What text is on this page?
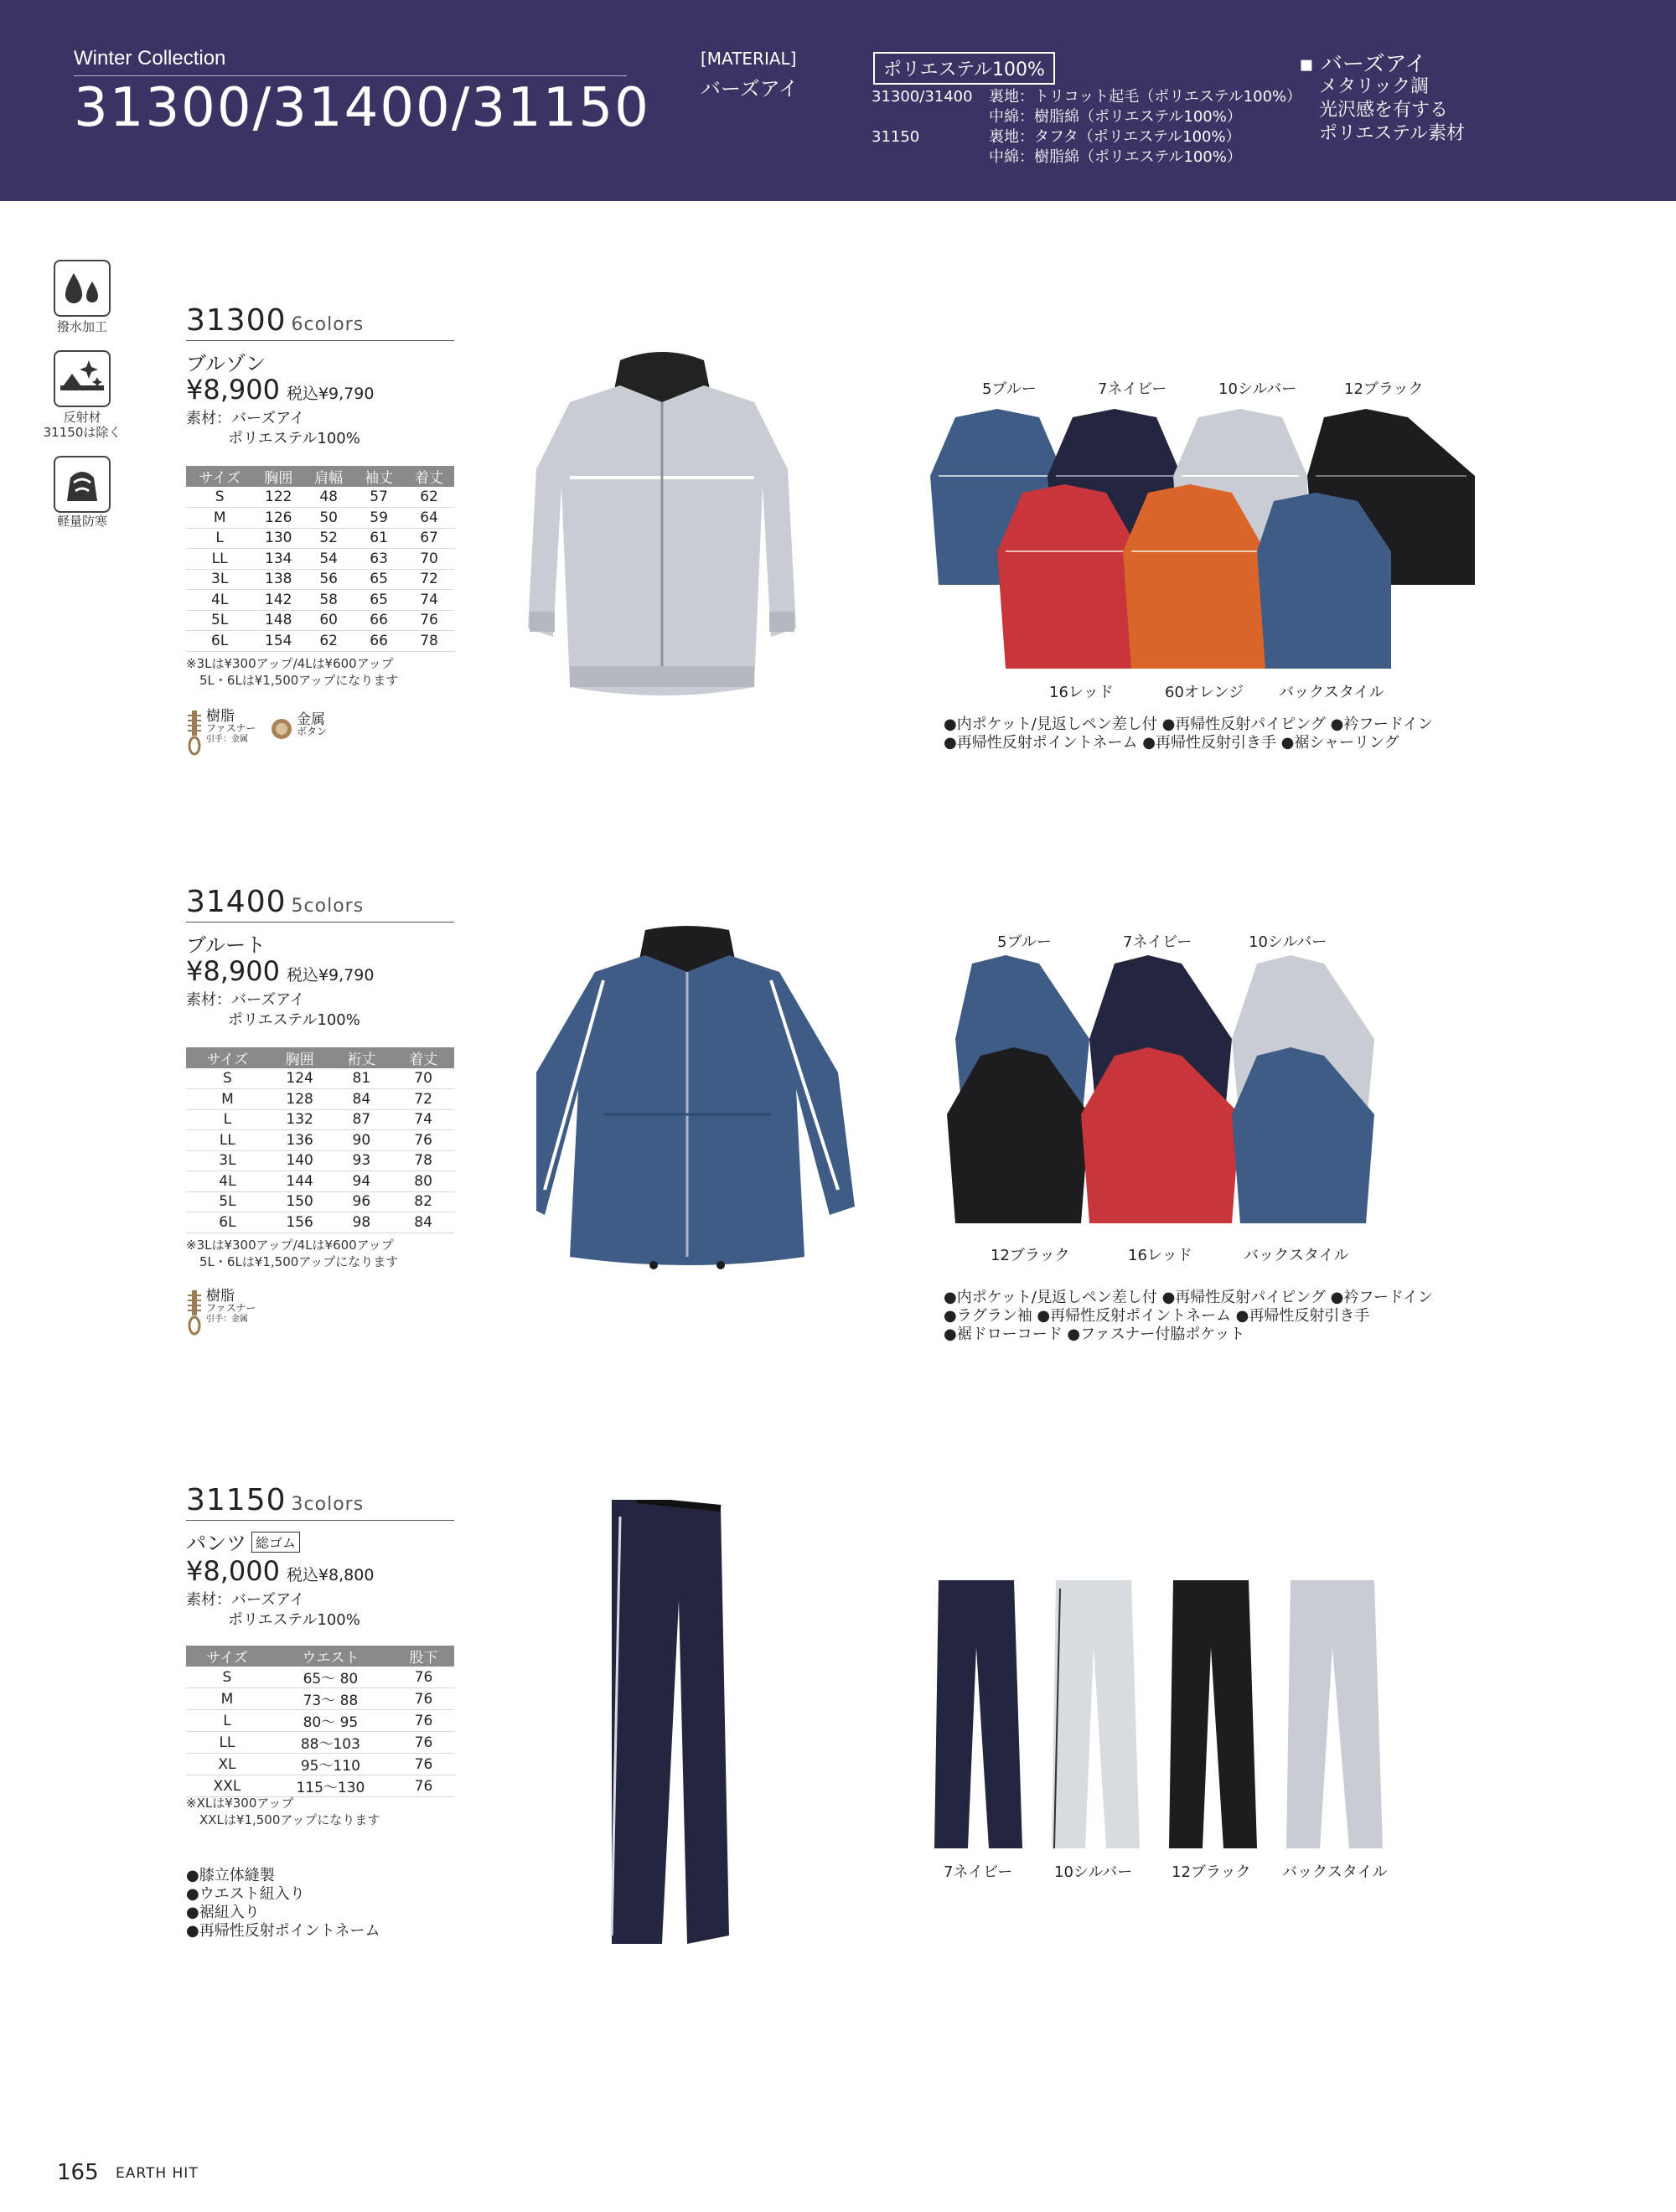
Winter Collection
31300/31400/31150
[MATERIAL]
バーズアイ
ポリエステル100%
31300/31400	裏地：トリコット起毛（ポリエステル100%）
中綿：樹脂綿（ポリエステル100%）
31150	裏地：タフタ（ポリエステル100%）
中綿：樹脂綿（ポリエステル100%）
▪ バーズアイ
メタリック調
光沢感を有する
ポリエステル素材
撥水加工
反射材
31150は除く
軽量防寒
31300 6colors
ブルゾン
¥8,900 税込¥9,790
素材：バーズアイ
ポリエステル100%
サイズ	胸囲	肩幅	袖丈	着丈
S	122	48	57	62
M	126	50	59	64
L	130	52	61	67
LL	134	54	63	70
3L	138	56	65	72
4L	142	58	65	74
5L	148	60	66	76
6L	154	62	66	78
※3Lは¥300アップ/4Lは¥600アップ
5L・6Lは¥1,500アップになります
樹脂
ファスナー
引手：金属
金属
ボタン
5ブルー	7ネイビー	10シルバー	12ブラック
16レッド	60オレンジ バックスタイル
●内ポケット/見返しペン差し付 ●再帰性反射パイピング ●衿フードイン
●再帰性反射ポイントネーム ●再帰性反射引き手 ●裾シャーリング
31400 5colors
ブルート
¥8,900 税込¥9,790
素材：バーズアイ
ポリエステル100%
サイズ	胸囲	裄丈	着丈
S	124	81	70
M	128	84	72
L	132	87	74
LL	136	90	76
3L	140	93	78
4L	144	94	80
5L	150	96	82
6L	156	98	84
※3Lは¥300アップ/4Lは¥600アップ
5L・6Lは¥1,500アップになります
樹脂
ファスナー
引手：金属
5ブルー	7ネイビー	10シルバー
12ブラック	16レッド	バックスタイル
●内ポケット/見返しペン差し付 ●再帰性反射パイピング ●衿フードイン
●ラグラン袖 ●再帰性反射ポイントネーム ●再帰性反射引き手
●裾ドローコード ●ファスナー付脇ポケット
31150 3colors
パンツ 総ゴム
¥8,000 税込¥8,800
素材：バーズアイ
ポリエステル100%
サイズ	ウエスト	股下
S	65～ 80	76
M	73～ 88	76
L	80～ 95	76
LL	88～103	76
XL	95～110	76
XXL	115～130	76
※XLは¥300アップ
XXLは¥1,500アップになります
●膝立体縫製
●ウエスト紐入り
●裾紐入り
●再帰性反射ポイントネーム
7ネイビー	10シルバー	12ブラック バックスタイル
165 EARTH HIT
